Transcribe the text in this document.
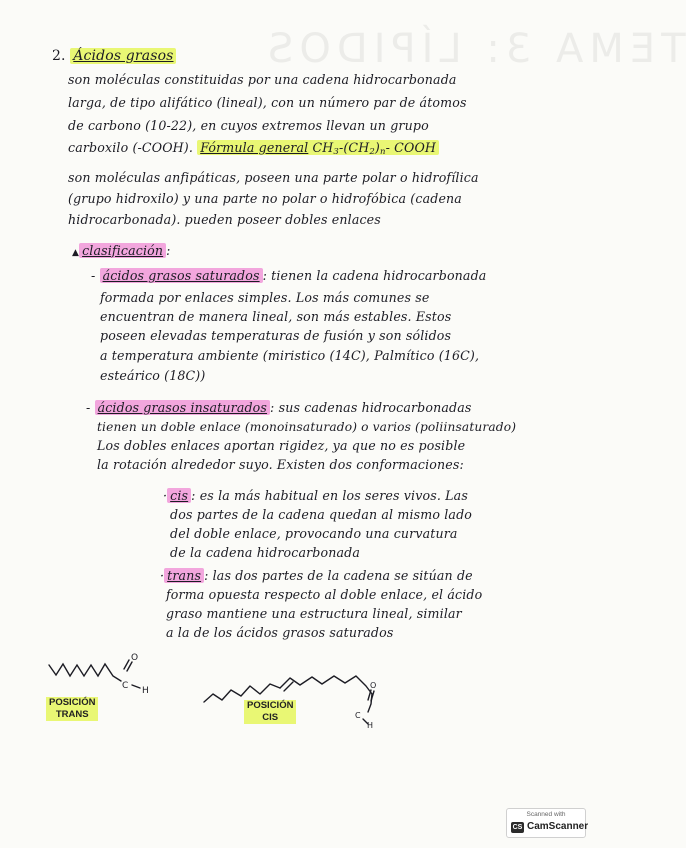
TEMA 3: LÍPIDOS
2. Ácidos grasos
son moléculas constituidas por una cadena hidrocarbonada
larga, de tipo alifático (lineal), con un número par de átomos
de carbono (10-22), en cuyos extremos llevan un grupo
carboxilo (-COOH). Fórmula general $CH_3-(CH_2)_n-$ COOH
son moléculas anfipáticas, poseen una parte polar o hidrofílica
(grupo hidroxilo) y una parte no polar o hidrofóbica (cadena
hidrocarbonada). pueden poseer dobles enlaces
▲ clasificación :
- ácidos grasos saturados : tienen la cadena hidrocarbonada
formada por enlaces simples. Los más comunes se
encuentran de manera lineal, son más estables. Estos
poseen elevadas temperaturas de fusión y son sólidos
a temperatura ambiente (miristico (14C), Palmítico (16C),
esteárico (18C))
- ácidos grasos insaturados : sus cadenas hidrocarbonadas
tienen un doble enlace (monoinsaturado) o varios (poliinsaturado)
Los dobles enlaces aportan rigidez, ya que no es posible
la rotación alrededor suyo. Existen dos conformaciones:
· cis : es la más habitual en los seres vivos. Las
dos partes de la cadena quedan al mismo lado
del doble enlace, provocando una curvatura
de la cadena hidrocarbonada
· trans : las dos partes de la cadena se sitúan de
forma opuesta respecto al doble enlace, el ácido
graso mantiene una estructura lineal, similar
a la de los ácidos grasos saturados
O
C H
O
C
H
POSICIÓN
TRANS
POSICIÓN
CIS
Scanned with
CS CamScanner
